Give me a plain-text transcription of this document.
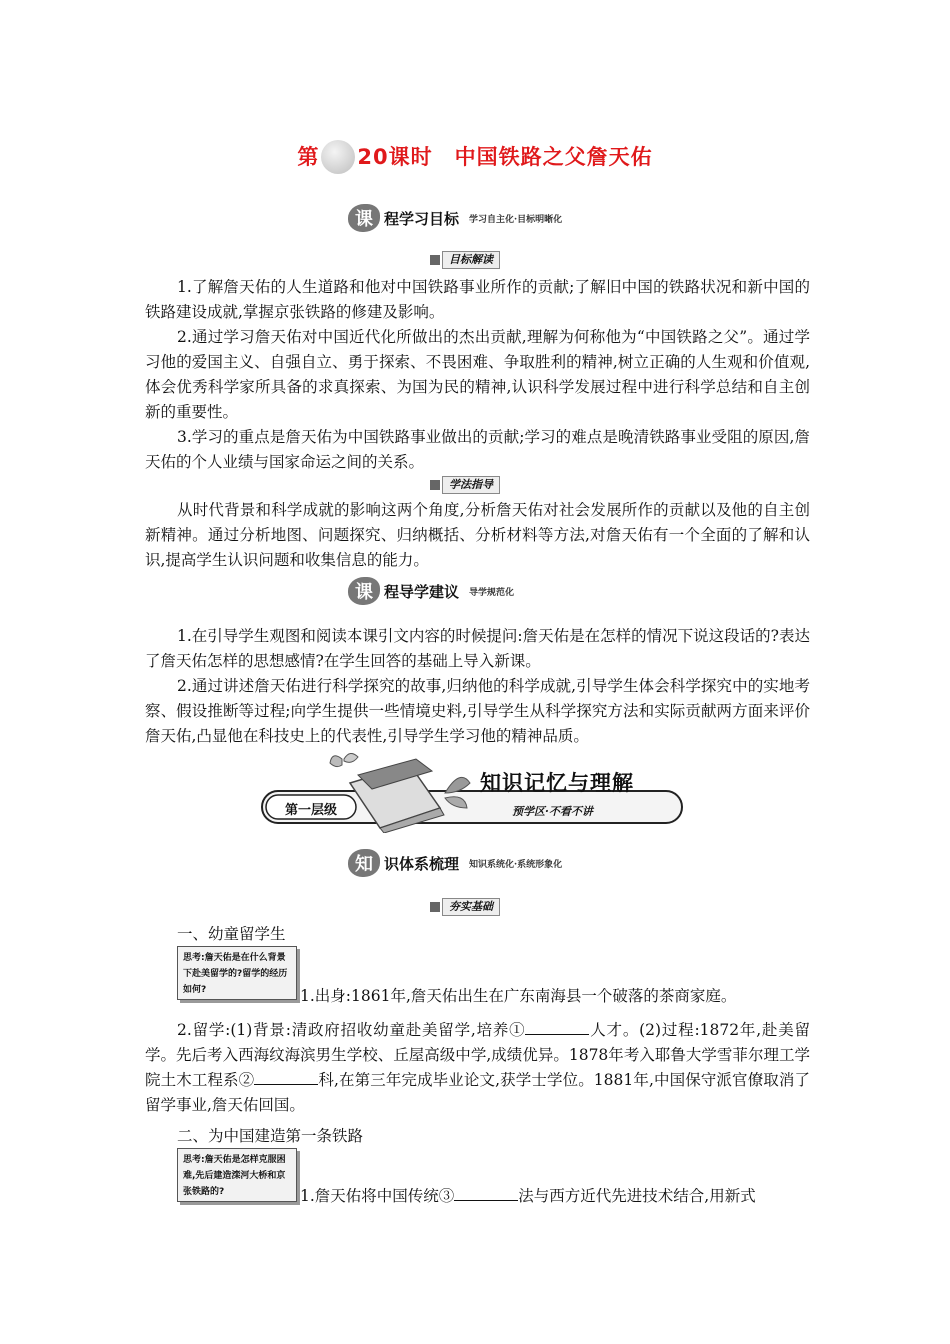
第 20课时 中国铁路之父詹天佑
课 程学习目标 学习自主化·目标明晰化
目标解读

1.了解詹天佑的人生道路和他对中国铁路事业所作的贡献;了解旧中国的铁路状况和新中国的铁路建设成就,掌握京张铁路的修建及影响。

2.通过学习詹天佑对中国近代化所做出的杰出贡献,理解为何称他为“中国铁路之父”。通过学习他的爱国主义、自强自立、勇于探索、不畏困难、争取胜利的精神,树立正确的人生观和价值观,体会优秀科学家所具备的求真探索、为国为民的精神,认识科学发展过程中进行科学总结和自主创新的重要性。

3.学习的重点是詹天佑为中国铁路事业做出的贡献;学习的难点是晚清铁路事业受阻的原因,詹天佑的个人业绩与国家命运之间的关系。

学法指导

从时代背景和科学成就的影响这两个角度,分析詹天佑对社会发展所作的贡献以及他的自主创新精神。通过分析地图、问题探究、归纳概括、分析材料等方法,对詹天佑有一个全面的了解和认识,提高学生认识问题和收集信息的能力。

课 程导学建议 导学规范化

1.在引导学生观图和阅读本课引文内容的时候提问:詹天佑是在怎样的情况下说这段话的?表达了詹天佑怎样的思想感情?在学生回答的基础上导入新课。

2.通过讲述詹天佑进行科学探究的故事,归纳他的科学成就,引导学生体会科学探究中的实地考察、假设推断等过程;向学生提供一些情境史料,引导学生从科学探究方法和实际贡献两方面来评价詹天佑,凸显他在科技史上的代表性,引导学生学习他的精神品质。

第一层级
知识记忆与理解
预学区·不看不讲
知 识体系梳理 知识系统化·系统形象化
夯实基础
一、幼童留学生
思考:詹天佑是在什么背景下赴美留学的?留学的经历如何?	1.出身:1861年,詹天佑出生在广东南海县一个破落的茶商家庭。

2.留学:(1)背景:清政府招收幼童赴美留学,培养①	人才。(2)过程:1872年,赴美留学。先后考入西海纹海滨男生学校、丘屋高级中学,成绩优异。1878年考入耶鲁大学雪菲尔理工学院土木工程系②	科,在第三年完成毕业论文,获学士学位。1881年,中国保守派官僚取消了留学事业,詹天佑回国。

二、为中国建造第一条铁路
思考:詹天佑是怎样克服困难,先后建造滦河大桥和京张铁路的?	1.詹天佑将中国传统③	法与西方近代先进技术结合,用新式
